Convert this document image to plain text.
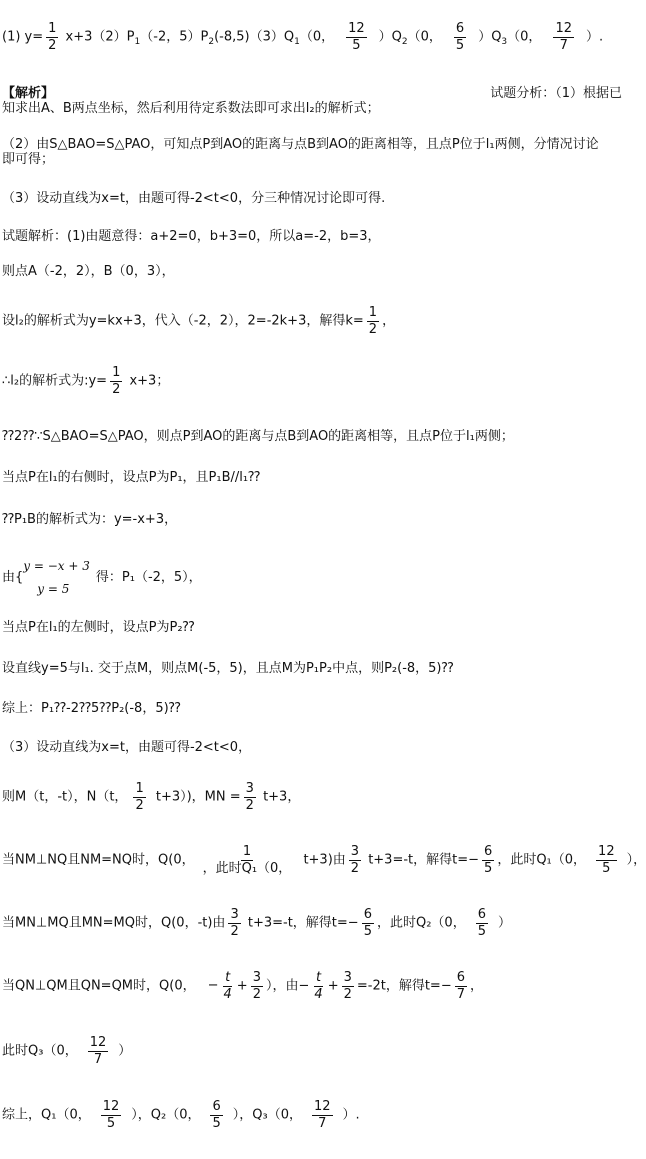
(1) $y= \frac{1}{2} x+3(2)P_1(-2$，$5)P_2(-8,5)(3)Q_1(0$， $\frac{12}{5} )Q_2(0$， $\frac{6}{5} )Q_3(0$， $\frac{12}{7}$ ）.
【解析】	试题分析：（1）根据已
知求出A、B两点坐标，然后利用待定系数法即可求出l₂的解析式；
（2）由S△BAO=S△PAO，可知点P到AO的距离与点B到AO的距离相等，且点P位于l₁两侧，分情况讨论
即可得；
（3）设动直线为x=t，由题可得-2<t<0，分三种情况讨论即可得.
试题解析：(1)由题意得：a+2=0，b+3=0，所以a=-2，b=3，
则点A（-2，2），B（0，3），
设l₂的解析式为y=kx+3，代入（-2，2），2=-2k+3，解得$k= \frac{1}{2}$ ，
∴l₂的解析式为:y= $\frac{1}{2} x+3$；
⁇2⁇∵S△BAO=S△PAO，则点P到AO的距离与点B到AO的距离相等，且点P位于l₁两侧；
当点P在l₁的右侧时，设点P为P₁，且P₁B//l₁⁇
⁇P₁B的解析式为：y=-x+3，
由{
y = −x + 3
y = 5
得：P₁（-2，5），
当点P在l₁的左侧时，设点P为P₂⁇
设直线y=5与l₁. 交于点M，则点M(-5，5)，且点M为P₁P₂中点，则P₂(-8，5)⁇
综上：P₁⁇-2⁇5⁇P₂(-8，5)⁇
（3）设动直线为x=t，由题可得-2<t<0，
则M（t，-t），N（t， $\frac{1}{2} t+3$）)，MN = $\frac{3}{2} t+3$，
当NM⊥NQ且NM=NQ时，Q(0， $\frac{1}{\text{，此时Q₁（0，}} t+3$)由 $\frac{3}{2} t+3=-t$，解得$t=- \frac{6}{5}$ ，此时Q₁（0， $\frac{12}{5}$ ），
当MN⊥MQ且MN=MQ时，Q(0，-t)由 $\frac{3}{2} t+3=-t$，解得$t=- \frac{6}{5}$ ，此时Q₂（0， $\frac{6}{5}$ ）
当QN⊥QM且QN=QM时，Q(0， − $\frac{t}{4} + \frac{3}{2}$ ），由− $\frac{t}{4} + \frac{3}{2} =-2t$，解得$t=- \frac{6}{7}$ ，
此时Q₃（0， $\frac{12}{7}$ ）
综上，Q₁（0， $\frac{12}{5}$ ），Q₂（0， $\frac{6}{5}$ ），Q₃（0， $\frac{12}{7}$ ）.
